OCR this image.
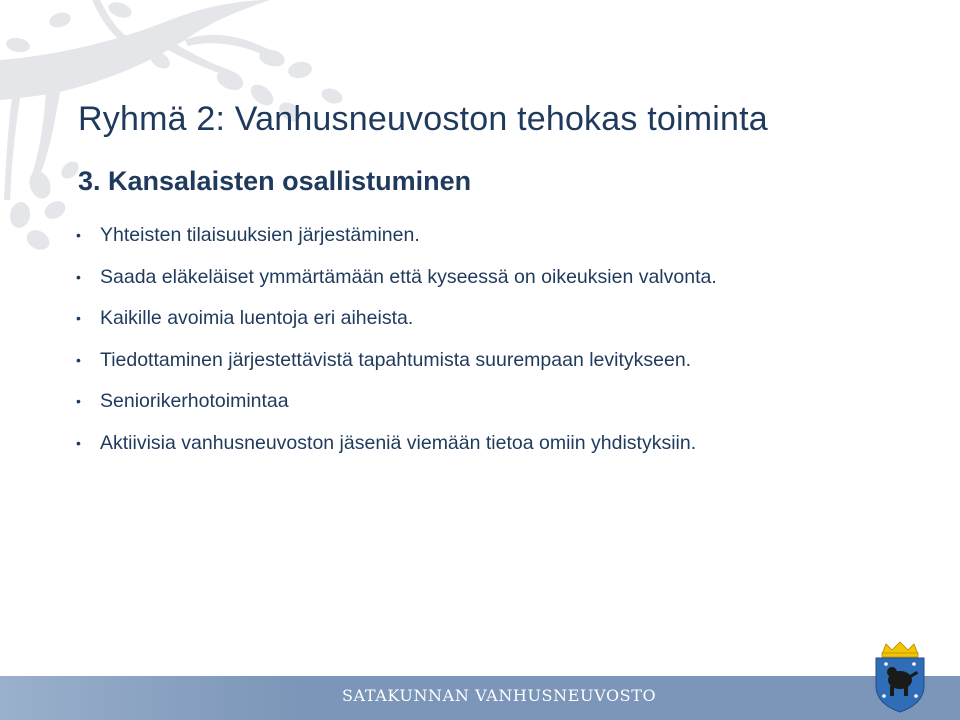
Ryhmä 2: Vanhusneuvoston tehokas toiminta
3. Kansalaisten osallistuminen
• Yhteisten tilaisuuksien järjestäminen.
• Saada eläkeläiset ymmärtämään että kyseessä on oikeuksien valvonta.
• Kaikille avoimia luentoja eri aiheista.
• Tiedottaminen järjestettävistä tapahtumista suurempaan levitykseen.
• Seniorikerhotoimintaa
• Aktiivisia vanhusneuvoston jäseniä viemään tietoa omiin yhdistyksiin.
SATAKUNNAN VANHUSNEUVOSTO
